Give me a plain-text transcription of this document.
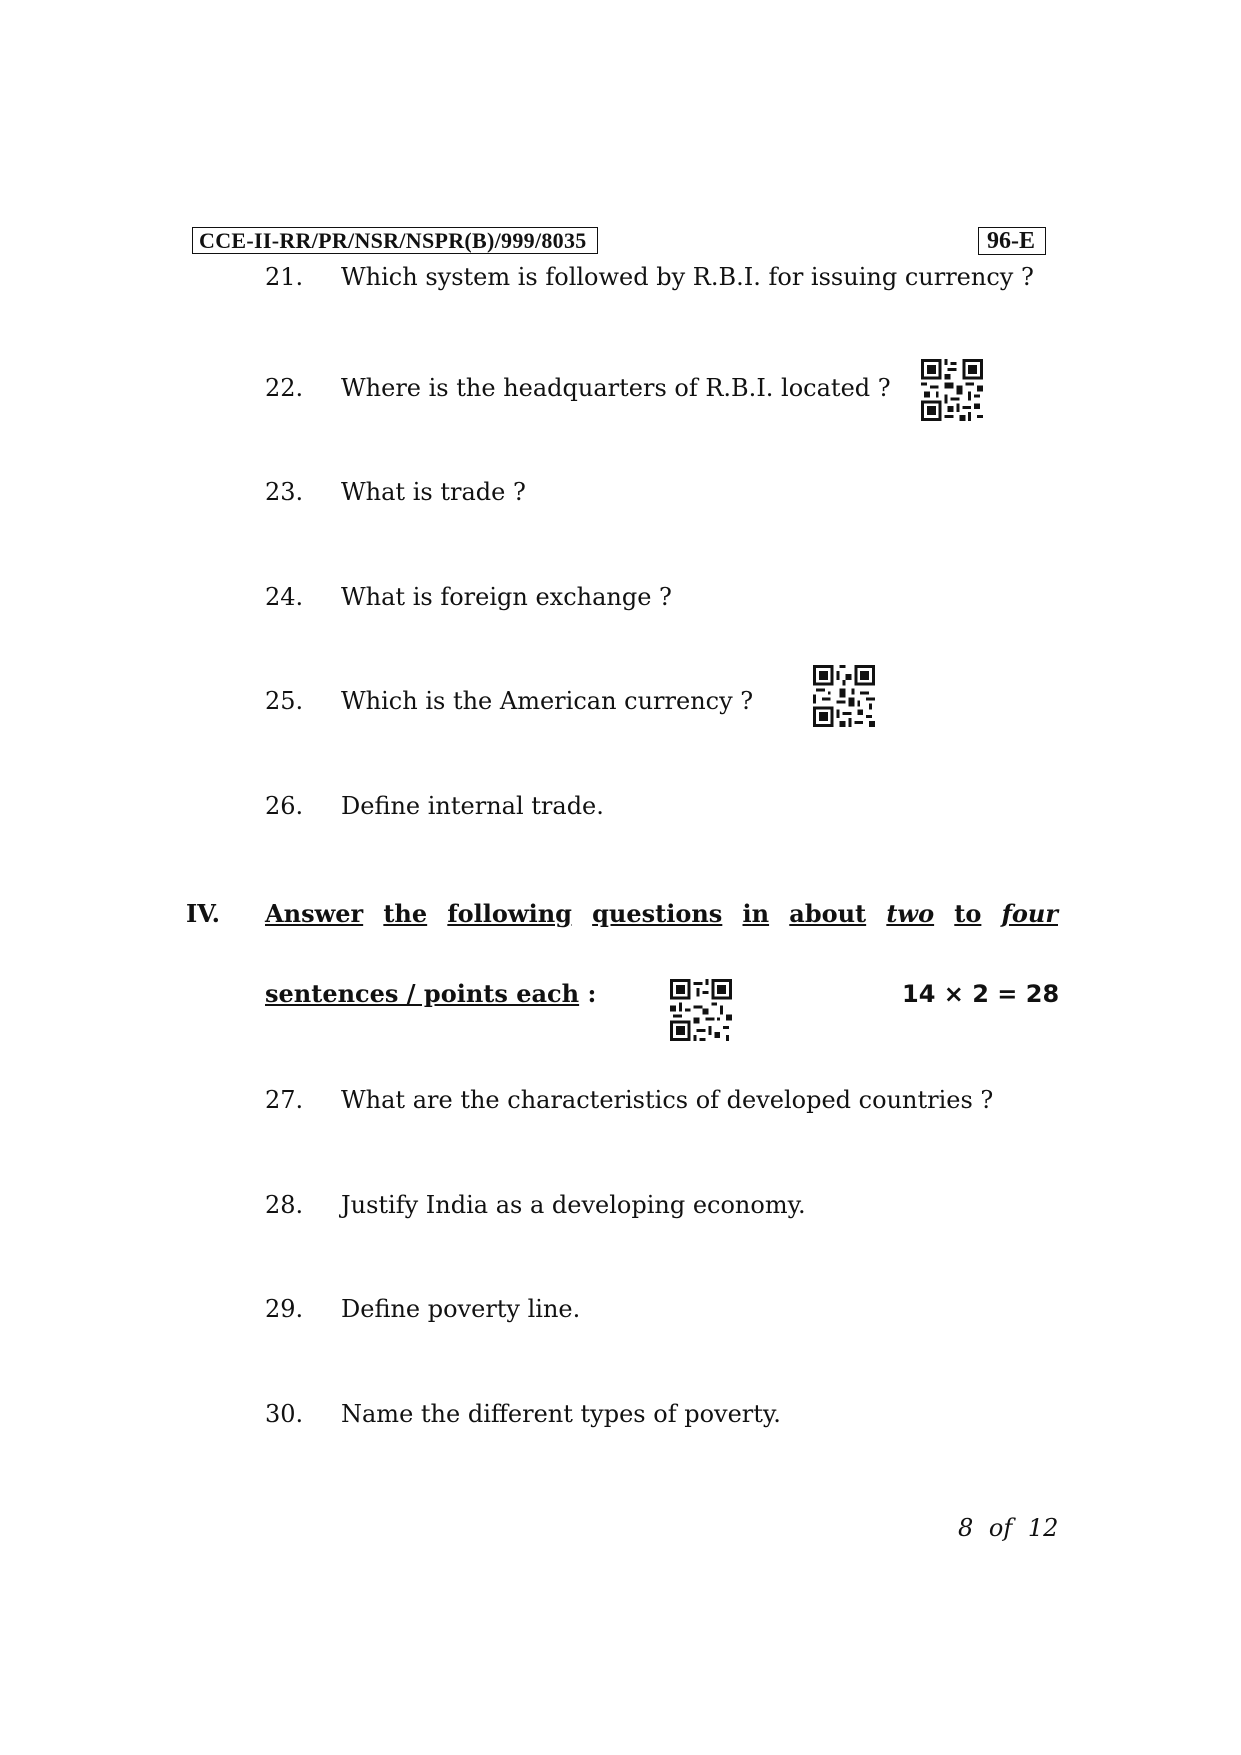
CCE-II-RR/PR/NSR/NSPR(B)/999/8035	96-E
21. Which system is followed by R.B.I. for issuing currency ?
22. Where is the headquarters of R.B.I. located ?
23. What is trade ?
24. What is foreign exchange ?
25. Which is the American currency ?
26. Define internal trade.
IV. Answer the following questions in about two to four
sentences / points each :	14 × 2 = 28
27. What are the characteristics of developed countries ?
28. Justify India as a developing economy.
29. Define poverty line.
30. Name the different types of poverty.
8 of 12
